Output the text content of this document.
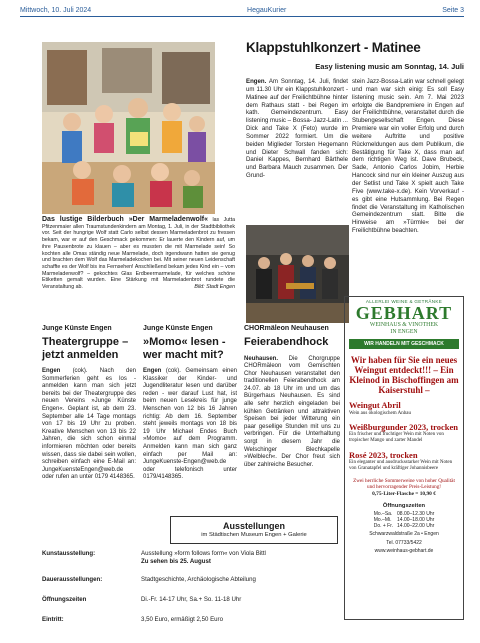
Mittwoch, 10. Juli 2024	HegauKurier	Seite 3
Das lustige Bilderbuch »Der Marmeladenwolf« las Jutta Pfitzenmaier allen Traumstundenkindern am Montag, 1. Juli, in der Stadtbibliothek vor. Seit der hungrige Wolf statt Carlo selbst dessen Marmeladenbrot zu fressen bekam, war er auf den Geschmack gekommen: Er lauerte den Kindern auf, um ihre Pausenbrote zu klauen – aber es mussten die mit Marmelade sein! So kochten alle Omas ständig neue Marmelade, doch irgendwann hatten sie genug und brachten dem Wolf das Marmeladekochen bei. Mit seiner neuen Leidenschaft schaffte es der Wolf bis ins Fernsehen! Anschließend bekam jedes Kind ein – vom Marmeladenwolf? – gekochtes Glas Erdbeermarmelade, für welches schöne Etiketten gemalt wurden. Eine Stärkung mit Marmeladenbrot rundete die Veranstaltung ab.	Bild: Stadt Engen
Klappstuhlkonzert - Matinee
Easy listening music am Sonntag, 14. Juli
Engen. Am Sonntag, 14. Juli, findet um 11.30 Uhr ein Klappstuhlkonzert - Matinee auf der Freilichtbühne hinter dem Rathaus statt - bei Regen im kath. Gemeindezentrum. Easy listening music – Bossa- Jazz-Latin ... Dick and Take X (Feto) wurde im Sommer 2022 formiert. Um die beiden Miglieder Torsten Hegemann und Dieter Schwall fanden sich: Daniel Kappes, Bernhard Bärthele und Barbara Mauch zusammen. Der Grund-
stein Jazz-Bossa-Latin war schnell gelegt und man war sich einig: Es soll Easy listening music sein. Am 7. Mai 2023 erfolgte die Bandpremiere in Engen auf der Freilichtbühne, veranstaltet durch die Stubengesellschaft Engen. Diese Premiere war ein voller Erfolg und durch weitere Auftritte und positive Rückmeldungen aus dem Publikum, die Bestätigung für Take X, dass man auf dem richtigen Weg ist. Dave Brubeck, Sade, Antonio Carlos Jobim, Herbie Hancock sind nur ein kleiner Auszug aus der Setlist und Take X spielt auch Take Five (www.take-x.de). Kein Vorverkauf - es gibt eine Hutsammlung. Bei Regen findet die Veranstaltung im Katholischen Gemeindezentrum statt. Bitte die Hinweise am »Türmle« bei der Freilichtbühne beachten.
Junge Künste Engen
Theatergruppe – jetzt anmelden
Engen (cok). Nach den Sommerferien geht es los - anmelden kann man sich jetzt bereits bei der Theatergruppe des neuen Vereins »Junge Künste Engen«. Geplant ist, ab dem 23. September alle 14 Tage montags von 17 bis 19 Uhr zu proben. Kreative Menschen von 13 bis 22 Jahren, die sich schon einmal informieren möchten oder bereits wissen, dass sie dabei sein wollen, schreiben einfach eine E-Mail an: JungeKuensteEngen@web.de oder rufen an unter 0179 4148365.
Junge Künste Engen
»Momo« lesen - wer macht mit?
Engen (cok). Gemeinsam einen Klassiker der Kinder- und Jugendliteratur lesen und darüber reden - wer darauf Lust hat, ist beim neuen Lesekreis für junge Menschen von 12 bis 16 Jahren richtig: Ab dem 16. September steht jeweils montags von 18 bis 19 Uhr Michael Endes Buch »Momo« auf dem Programm. Anmelden kann man sich ganz einfach per Mail an: JungeKuenste-Engen@web.de oder telefonisch unter 0179/4148365.
CHORmäleon Neuhausen
Feierabendhock
Neuhausen. Die Chorgruppe CHORmäleon vom Gemischten Chor Neuhausen veranstaltet den traditionellen Feierabendhock am 24.07. ab 18 Uhr im und um das Bürgerhaus Neuhausen. Es sind alle sehr herzlich eingeladen bei kühlen Getränken und attraktiven Speisen bei jeder Witterung ein paar gesellige Stunden mit uns zu verbringen. Für die Unterhaltung sorgt in diesem Jahr die Welschinger Blechkapelle »Welblech«. Der Chor freut sich über zahlreiche Besucher.
ALLERLEI WEINE & GETRÄNKE
GEBHART
WEINHAUS & VINOTHEK
IN ENGEN
WIR HANDELN MIT GESCHMACK
Wir haben für Sie ein neues Weingut entdeckt!!! – Ein Kleinod in Bischoffingen am Kaiserstuhl –
Weingut Abril
Wein aus ökologischem Anbau
Weißburgunder 2023, trocken
Ein frischer und fruchtiger Wein mit Noten von tropischer Mango und zarter Mandel
Rosé 2023, trocken
Ein eleganter und ausdrucksstarker Wein mit Noten von Granatapfel und kräftiger Johannisbeere
Zwei herrliche Sommerweine von hoher Qualität und hervorragender Preis-Leistung!
0,75-Liter-Flasche = 10,90 €
Öffnungszeiten
Mo.–Sa.	08.00–12.30 Uhr
Mo.–Mi.	14.00–18.00 Uhr
Do. + Fr.	14.00–22.00 Uhr
Schwarzwaldstraße 2a • Engen
Tel. 07733/5422
www.weinhaus-gebhart.de
Ausstellungen
im Städtischen Museum Engen + Galerie
Kunstausstellung:	Ausstellung »form follows form« von Viola Bittl
Zu sehen bis 25. August
Dauerausstellungen:	Stadtgeschichte, Archäologische Abteilung
Öffnungszeiten	Di.-Fr. 14-17 Uhr, Sa.+ So. 11-18 Uhr
Eintritt:	3,50 Euro, ermäßigt 2,50 Euro
